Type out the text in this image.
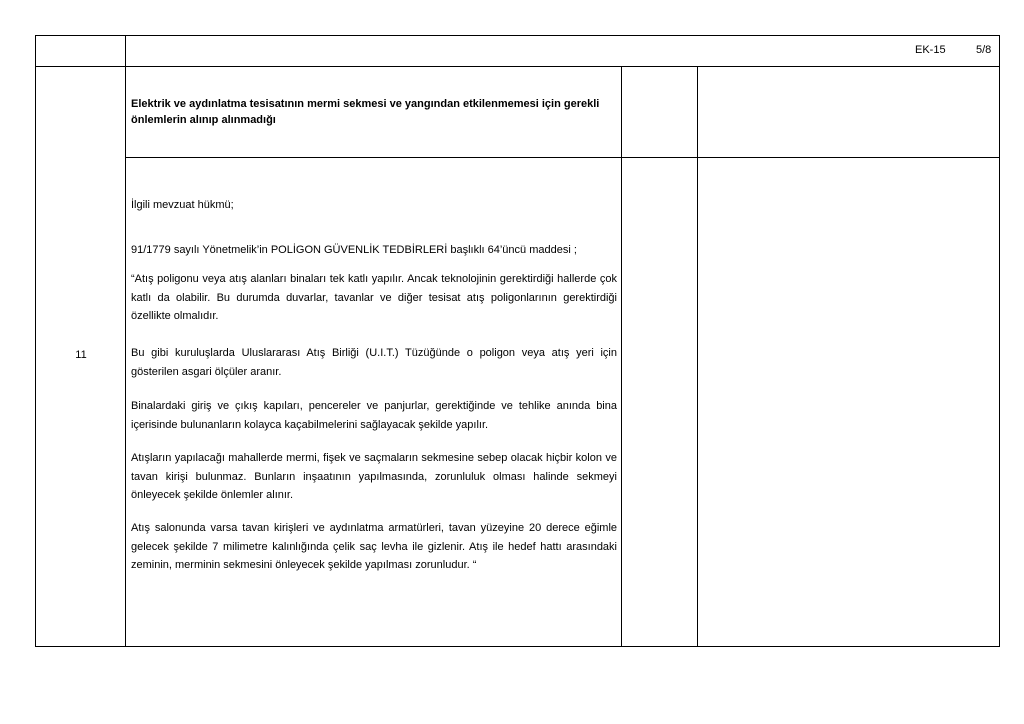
EK-15	5/8
11
Elektrik ve aydınlatma tesisatının mermi sekmesi ve yangından etkilenmemesi için gerekli önlemlerin alınıp alınmadığı
İlgili mevzuat hükmü;
91/1779 sayılı Yönetmelik’in POLİGON GÜVENLİK TEDBİRLERİ başlıklı 64’üncü maddesi ;
“Atış poligonu veya atış alanları binaları tek katlı yapılır. Ancak teknolojinin gerektirdiği hallerde çok katlı da olabilir. Bu durumda duvarlar, tavanlar ve diğer tesisat atış poligonlarının gerektirdiği özellikte olmalıdır.
Bu gibi kuruluşlarda Uluslararası Atış Birliği (U.I.T.) Tüzüğünde o poligon veya atış yeri için gösterilen asgari ölçüler aranır.
Binalardaki giriş ve çıkış kapıları, pencereler ve panjurlar, gerektiğinde ve tehlike anında bina içerisinde bulunanların kolayca kaçabilmelerini sağlayacak şekilde yapılır.
Atışların yapılacağı mahallerde mermi, fişek ve saçmaların sekmesine sebep olacak hiçbir kolon ve tavan kirişi bulunmaz. Bunların inşaatının yapılmasında, zorunluluk olması halinde sekmeyi önleyecek şekilde önlemler alınır.
Atış salonunda varsa tavan kirişleri ve aydınlatma armatürleri, tavan yüzeyine 20 derece eğimle gelecek şekilde 7 milimetre kalınlığında çelik saç levha ile gizlenir. Atış ile hedef hattı arasındaki zeminin, merminin sekmesini önleyecek şekilde yapılması zorunludur. “
